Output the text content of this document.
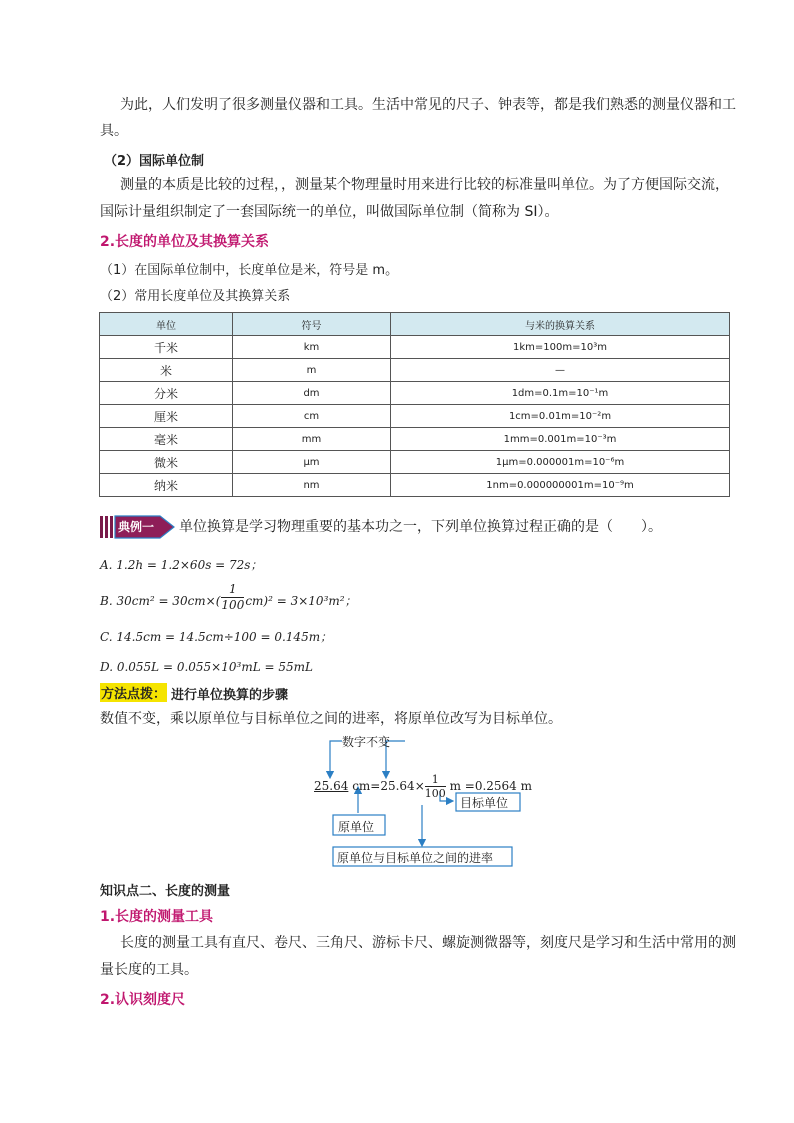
为此，人们发明了很多测量仪器和工具。生活中常见的尺子、钟表等，都是我们熟悉的测量仪器和工
具。
（2）国际单位制
测量的本质是比较的过程，，测量某个物理量时用来进行比较的标准量叫单位。为了方便国际交流，
国际计量组织制定了一套国际统一的单位，叫做国际单位制（简称为 SI）。
2.长度的单位及其换算关系
（1）在国际单位制中，长度单位是米，符号是 m。
（2）常用长度单位及其换算关系
单位	符号	与米的换算关系
千米	km	1km=100m=10³m
米	m	—
分米	dm	1dm=0.1m=10⁻¹m
厘米	cm	1cm=0.01m=10⁻²m
毫米	mm	1mm=0.001m=10⁻³m
微米	μm	1μm=0.000001m=10⁻⁶m
纳米	nm	1nm=0.000000001m=10⁻⁹m
典例一 单位换算是学习物理重要的基本功之一，下列单位换算过程正确的是（　　）。
A. 1.2h = 1.2×60s = 72s；
B. $30cm^2 = 30cm\times( \frac{1}{100} cm)^2 = 3\times 10^3m^2$；
C. 14.5cm = 14.5cm÷100 = 0.145m；
D. 0.055L = 0.055×10³mL = 55mL
方法点拨： 进行单位换算的步骤
数值不变，乘以原单位与目标单位之间的进率，将原单位改写为目标单位。
数字不变
25.64 $cm=25.64\times \frac{1}{100}$ m =0.2564 m
目标单位
原单位
原单位与目标单位之间的进率
知识点二、长度的测量
1.长度的测量工具
长度的测量工具有直尺、卷尺、三角尺、游标卡尺、螺旋测微器等，刻度尺是学习和生活中常用的测
量长度的工具。
2.认识刻度尺
